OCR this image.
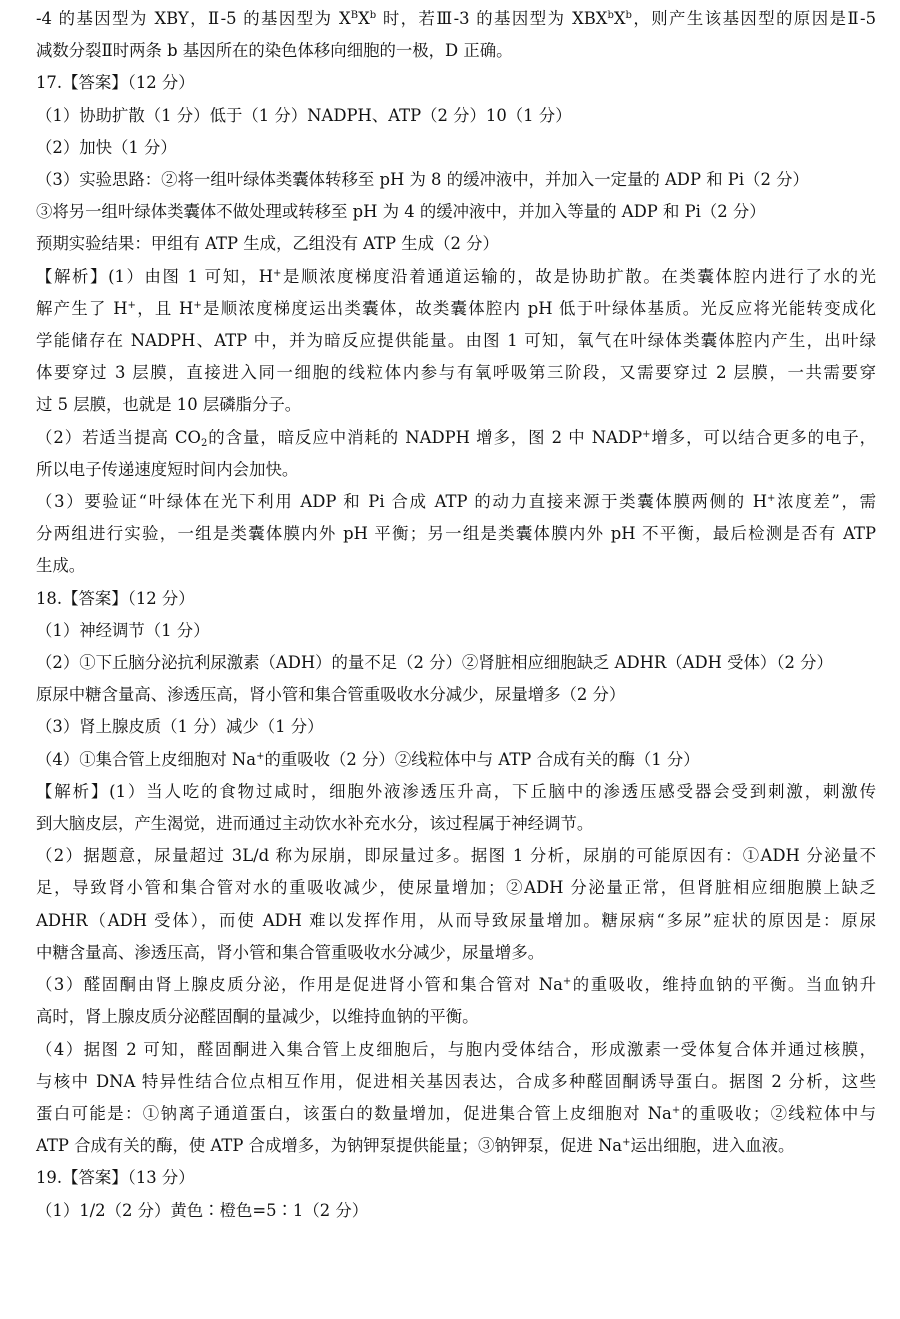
-4 的基因型为 XBY，Ⅱ-5 的基因型为 $X^BX^b$ 时，若Ⅲ-3 的基因型为 $XBX^bX^b$，则产生该基因型的原因是Ⅱ-5
减数分裂Ⅱ时两条 b 基因所在的染色体移向细胞的一极，D 正确。
17.【答案】（12 分）
（1）协助扩散（1 分）低于（1 分）NADPH、ATP（2 分）10（1 分）
（2）加快（1 分）
（3）实验思路：②将一组叶绿体类囊体转移至 pH 为 8 的缓冲液中，并加入一定量的 ADP 和 Pi（2 分）
③将另一组叶绿体类囊体不做处理或转移至 pH 为 4 的缓冲液中，并加入等量的 ADP 和 Pi（2 分）
预期实验结果：甲组有 ATP 生成，乙组没有 ATP 生成（2 分）
【解析】(1）由图 1 可知，H+是顺浓度梯度沿着通道运输的，故是协助扩散。在类囊体腔内进行了水的光
解产生了 H+，且 H+是顺浓度梯度运出类囊体，故类囊体腔内 pH 低于叶绿体基质。光反应将光能转变成化
学能储存在 NADPH、ATP 中，并为暗反应提供能量。由图 1 可知，氧气在叶绿体类囊体腔内产生，出叶绿
体要穿过 3 层膜，直接进入同一细胞的线粒体内参与有氧呼吸第三阶段，又需要穿过 2 层膜，一共需要穿
过 5 层膜，也就是 10 层磷脂分子。
（2）若适当提高 $CO_2$的含量，暗反应中消耗的 NADPH 增多，图 2 中 NADP+增多，可以结合更多的电子，
所以电子传递速度短时间内会加快。
（3）要验证“叶绿体在光下利用 ADP 和 Pi 合成 ATP 的动力直接来源于类囊体膜两侧的 H+浓度差”，需
分两组进行实验，一组是类囊体膜内外 pH 平衡；另一组是类囊体膜内外 pH 不平衡，最后检测是否有 ATP
生成。
18.【答案】（12 分）
（1）神经调节（1 分）
（2）①下丘脑分泌抗利尿激素（ADH）的量不足（2 分）②肾脏相应细胞缺乏 ADHR（ADH 受体）（2 分）
原尿中糖含量高、渗透压高，肾小管和集合管重吸收水分减少，尿量增多（2 分）
（3）肾上腺皮质（1 分）减少（1 分）
（4）①集合管上皮细胞对 Na+的重吸收（2 分）②线粒体中与 ATP 合成有关的酶（1 分）
【解析】(1）当人吃的食物过咸时，细胞外液渗透压升高，下丘脑中的渗透压感受器会受到刺激，刺激传
到大脑皮层，产生渴觉，进而通过主动饮水补充水分，该过程属于神经调节。
（2）据题意，尿量超过 3L/d 称为尿崩，即尿量过多。据图 1 分析，尿崩的可能原因有：①ADH 分泌量不
足，导致肾小管和集合管对水的重吸收减少，使尿量增加；②ADH 分泌量正常，但肾脏相应细胞膜上缺乏
ADHR（ADH 受体），而使 ADH 难以发挥作用，从而导致尿量增加。糖尿病“多尿”症状的原因是：原尿
中糖含量高、渗透压高，肾小管和集合管重吸收水分减少，尿量增多。
（3）醛固酮由肾上腺皮质分泌，作用是促进肾小管和集合管对 Na+的重吸收，维持血钠的平衡。当血钠升
高时，肾上腺皮质分泌醛固酮的量减少，以维持血钠的平衡。
（4）据图 2 可知，醛固酮进入集合管上皮细胞后，与胞内受体结合，形成激素一受体复合体并通过核膜，
与核中 DNA 特异性结合位点相互作用，促进相关基因表达，合成多种醛固酮诱导蛋白。据图 2 分析，这些
蛋白可能是：①钠离子通道蛋白，该蛋白的数量增加，促进集合管上皮细胞对 Na+的重吸收；②线粒体中与
ATP 合成有关的酶，使 ATP 合成增多，为钠钾泵提供能量；③钠钾泵，促进 Na+运出细胞，进入血液。
19.【答案】（13 分）
（1）1/2（2 分）黄色∶橙色=5∶1（2 分）
